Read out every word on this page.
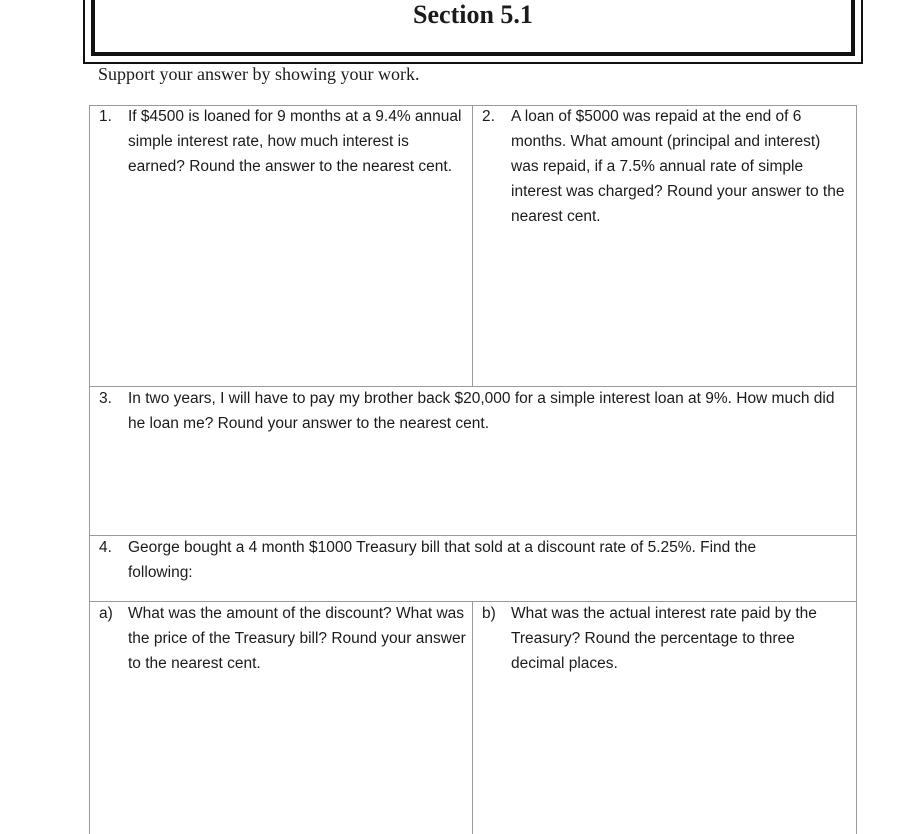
Section 5.1
Support your answer by showing your work.
1. If $4500 is loaned for 9 months at a 9.4% annual simple interest rate, how much interest is earned? Round the answer to the nearest cent.
2. A loan of $5000 was repaid at the end of 6 months. What amount (principal and interest) was repaid, if a 7.5% annual rate of simple interest was charged? Round your answer to the nearest cent.
3. In two years, I will have to pay my brother back $20,000 for a simple interest loan at 9%. How much did he loan me? Round your answer to the nearest cent.
4. George bought a 4 month $1000 Treasury bill that sold at a discount rate of 5.25%. Find the following:
a) What was the amount of the discount? What was the price of the Treasury bill? Round your answer to the nearest cent.
b) What was the actual interest rate paid by the Treasury? Round the percentage to three decimal places.
